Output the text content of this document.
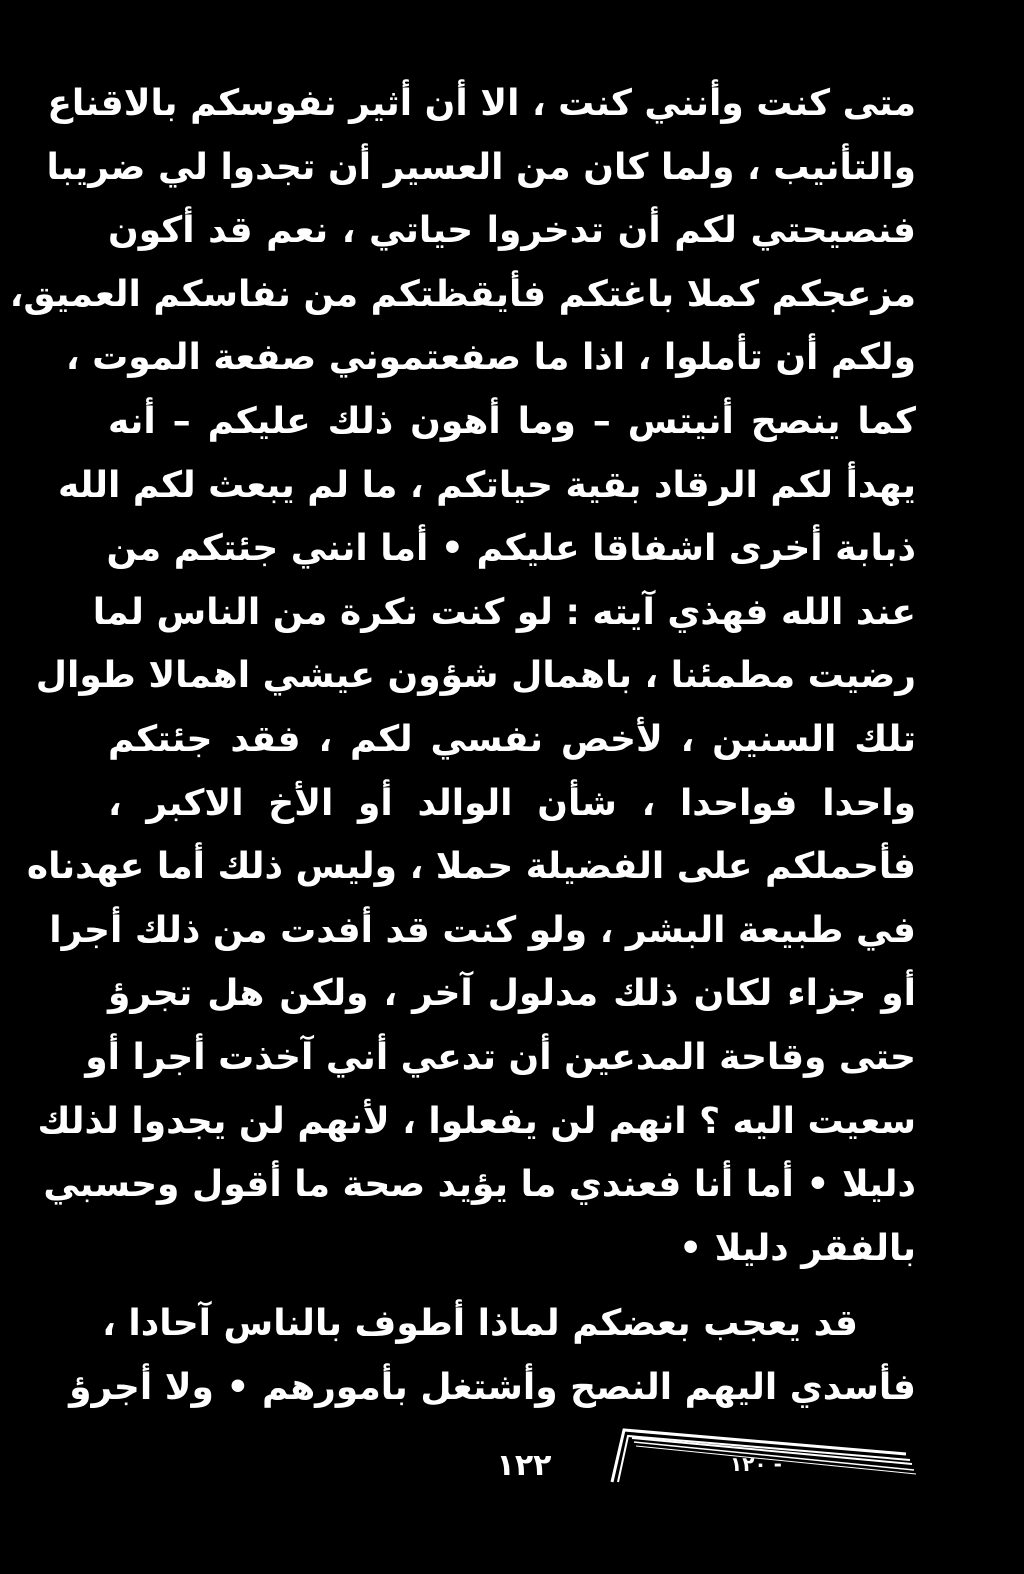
متى كنت وأنني كنت ، الا أن أثير نفوسكم بالاقناع
والتأنيب ، ولما كان من العسير أن تجدوا لي ضريبا
فنصيحتي لكم أن تدخروا حياتي ، نعم قد أكون
مزعجكم كملا باغتكم فأيقظتكم من نفاسكم العميق،
ولكم أن تأملوا ، اذا ما صفعتموني صفعة الموت ،
كما ينصح أنيتس – وما أهون ذلك عليكم – أنه
يهدأ لكم الرقاد بقية حياتكم ، ما لم يبعث لكم الله
ذبابة أخرى اشفاقا عليكم • أما انني جئتكم من
عند الله فهذي آيته : لو كنت نكرة من الناس لما
رضيت مطمئنا ، باهمال شؤون عيشي اهمالا طوال
تلك السنين ، لأخص نفسي لكم ، فقد جئتكم
واحدا فواحدا ، شأن الوالد أو الأخ الاكبر ،
فأحملكم على الفضيلة حملا ، وليس ذلك أما عهدناه
في طبيعة البشر ، ولو كنت قد أفدت من ذلك أجرا
أو جزاء لكان ذلك مدلول آخر ، ولكن هل تجرؤ
حتى وقاحة المدعين أن تدعي أني آخذت أجرا أو
سعيت اليه ؟ انهم لن يفعلوا ، لأنهم لن يجدوا لذلك
دليلا • أما أنا فعندي ما يؤيد صحة ما أقول وحسبي
بالفقر دليلا •
قد يعجب بعضكم لماذا أطوف بالناس آحادا ،
فأسدي اليهم النصح وأشتغل بأمورهم • ولا أجرؤ
١٢٢	١٢٠ -
